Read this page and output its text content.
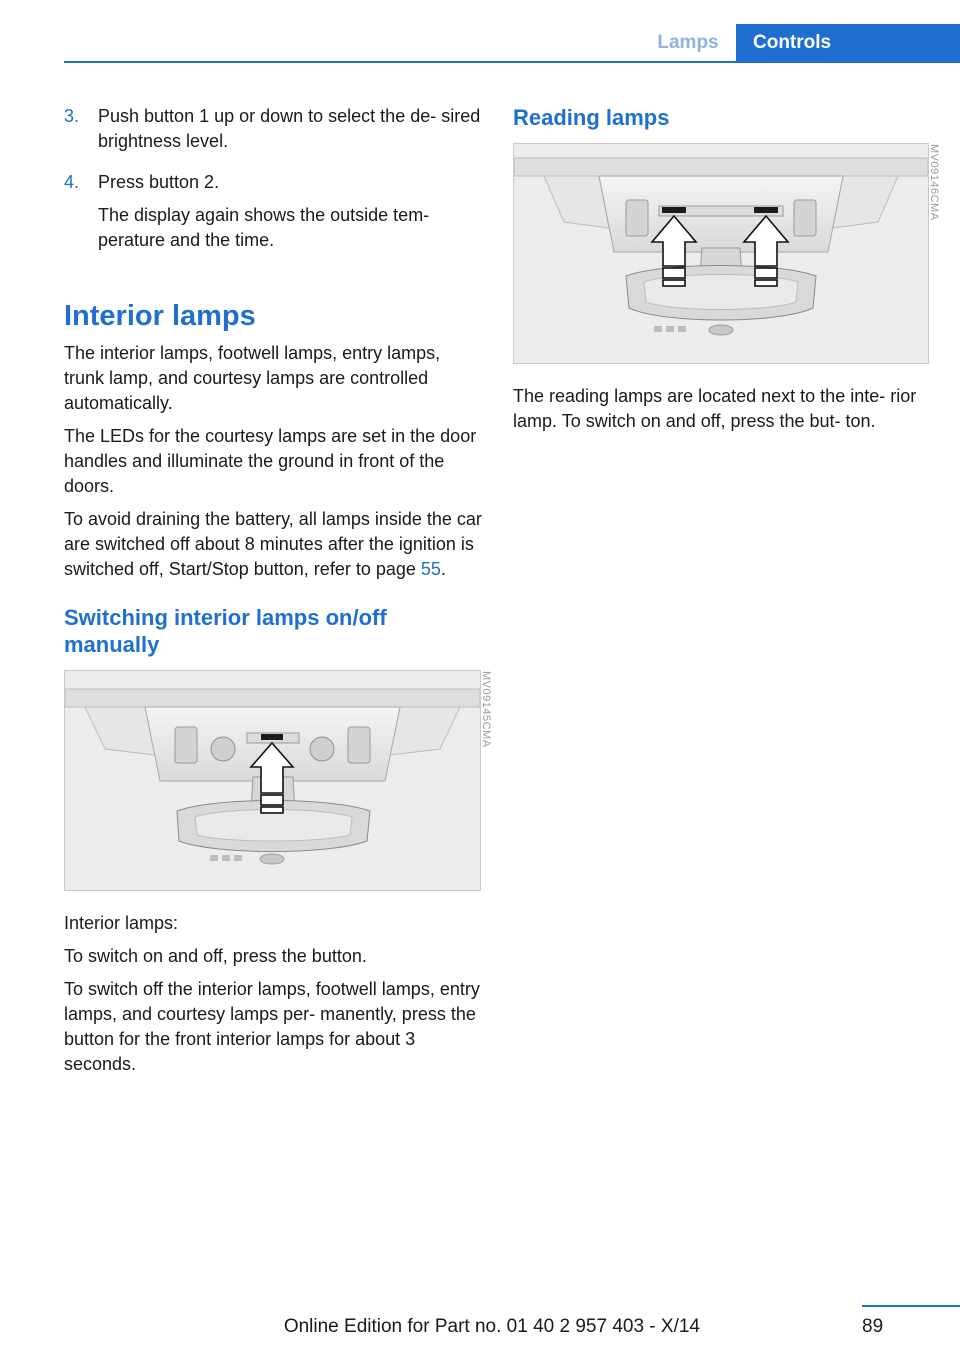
Lamps	Controls
3.	Push button 1 up or down to select the de‐ sired brightness level.

4.	Press button 2.

The display again shows the outside tem‐ perature and the time.

Interior lamps

The interior lamps, footwell lamps, entry lamps, trunk lamp, and courtesy lamps are controlled automatically.

The LEDs for the courtesy lamps are set in the door handles and illuminate the ground in front of the doors.

To avoid draining the battery, all lamps inside the car are switched off about 8 minutes after the ignition is switched off, Start/Stop button, refer to page 55.

Switching interior lamps on/off manually
MV09145CMA

Interior lamps:

To switch on and off, press the button.

To switch off the interior lamps, footwell lamps, entry lamps, and courtesy lamps per‐ manently, press the button for the front interior lamps for about 3 seconds.

Reading lamps
MV09146CMA

The reading lamps are located next to the inte‐ rior lamp. To switch on and off, press the but‐ ton.

Online Edition for Part no. 01 40 2 957 403 - X/14	89
